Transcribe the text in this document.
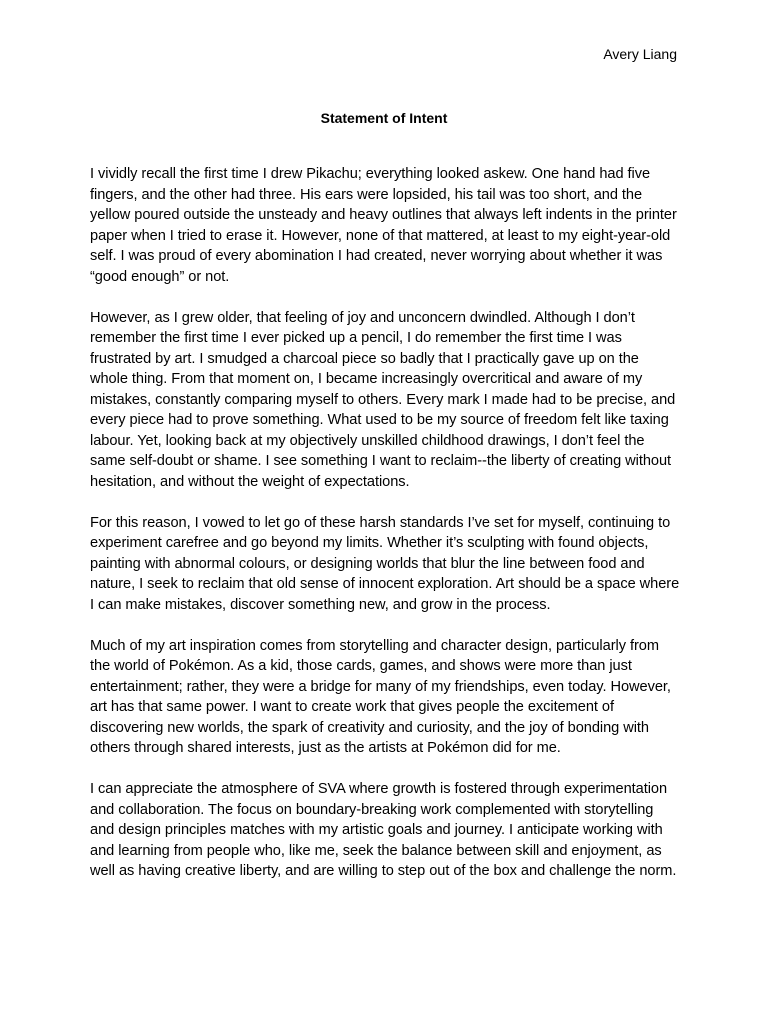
Avery Liang
Statement of Intent

I vividly recall the first time I drew Pikachu; everything looked askew. One hand had five fingers, and the other had three. His ears were lopsided, his tail was too short, and the yellow poured outside the unsteady and heavy outlines that always left indents in the printer paper when I tried to erase it. However, none of that mattered, at least to my eight-year-old self. I was proud of every abomination I had created, never worrying about whether it was “good enough” or not.

However, as I grew older, that feeling of joy and unconcern dwindled. Although I don’t remember the first time I ever picked up a pencil, I do remember the first time I was frustrated by art. I smudged a charcoal piece so badly that I practically gave up on the whole thing. From that moment on, I became increasingly overcritical and aware of my mistakes, constantly comparing myself to others. Every mark I made had to be precise, and every piece had to prove something. What used to be my source of freedom felt like taxing labour. Yet, looking back at my objectively unskilled childhood drawings, I don’t feel the same self-doubt or shame. I see something I want to reclaim--the liberty of creating without hesitation, and without the weight of expectations.

For this reason, I vowed to let go of these harsh standards I’ve set for myself, continuing to experiment carefree and go beyond my limits. Whether it’s sculpting with found objects, painting with abnormal colours, or designing worlds that blur the line between food and nature, I seek to reclaim that old sense of innocent exploration. Art should be a space where I can make mistakes, discover something new, and grow in the process.

Much of my art inspiration comes from storytelling and character design, particularly from the world of Pokémon. As a kid, those cards, games, and shows were more than just entertainment; rather, they were a bridge for many of my friendships, even today. However, art has that same power. I want to create work that gives people the excitement of discovering new worlds, the spark of creativity and curiosity, and the joy of bonding with others through shared interests, just as the artists at Pokémon did for me.

I can appreciate the atmosphere of SVA where growth is fostered through experimentation and collaboration. The focus on boundary-breaking work complemented with storytelling and design principles matches with my artistic goals and journey. I anticipate working with and learning from people who, like me, seek the balance between skill and enjoyment, as well as having creative liberty, and are willing to step out of the box and challenge the norm.
